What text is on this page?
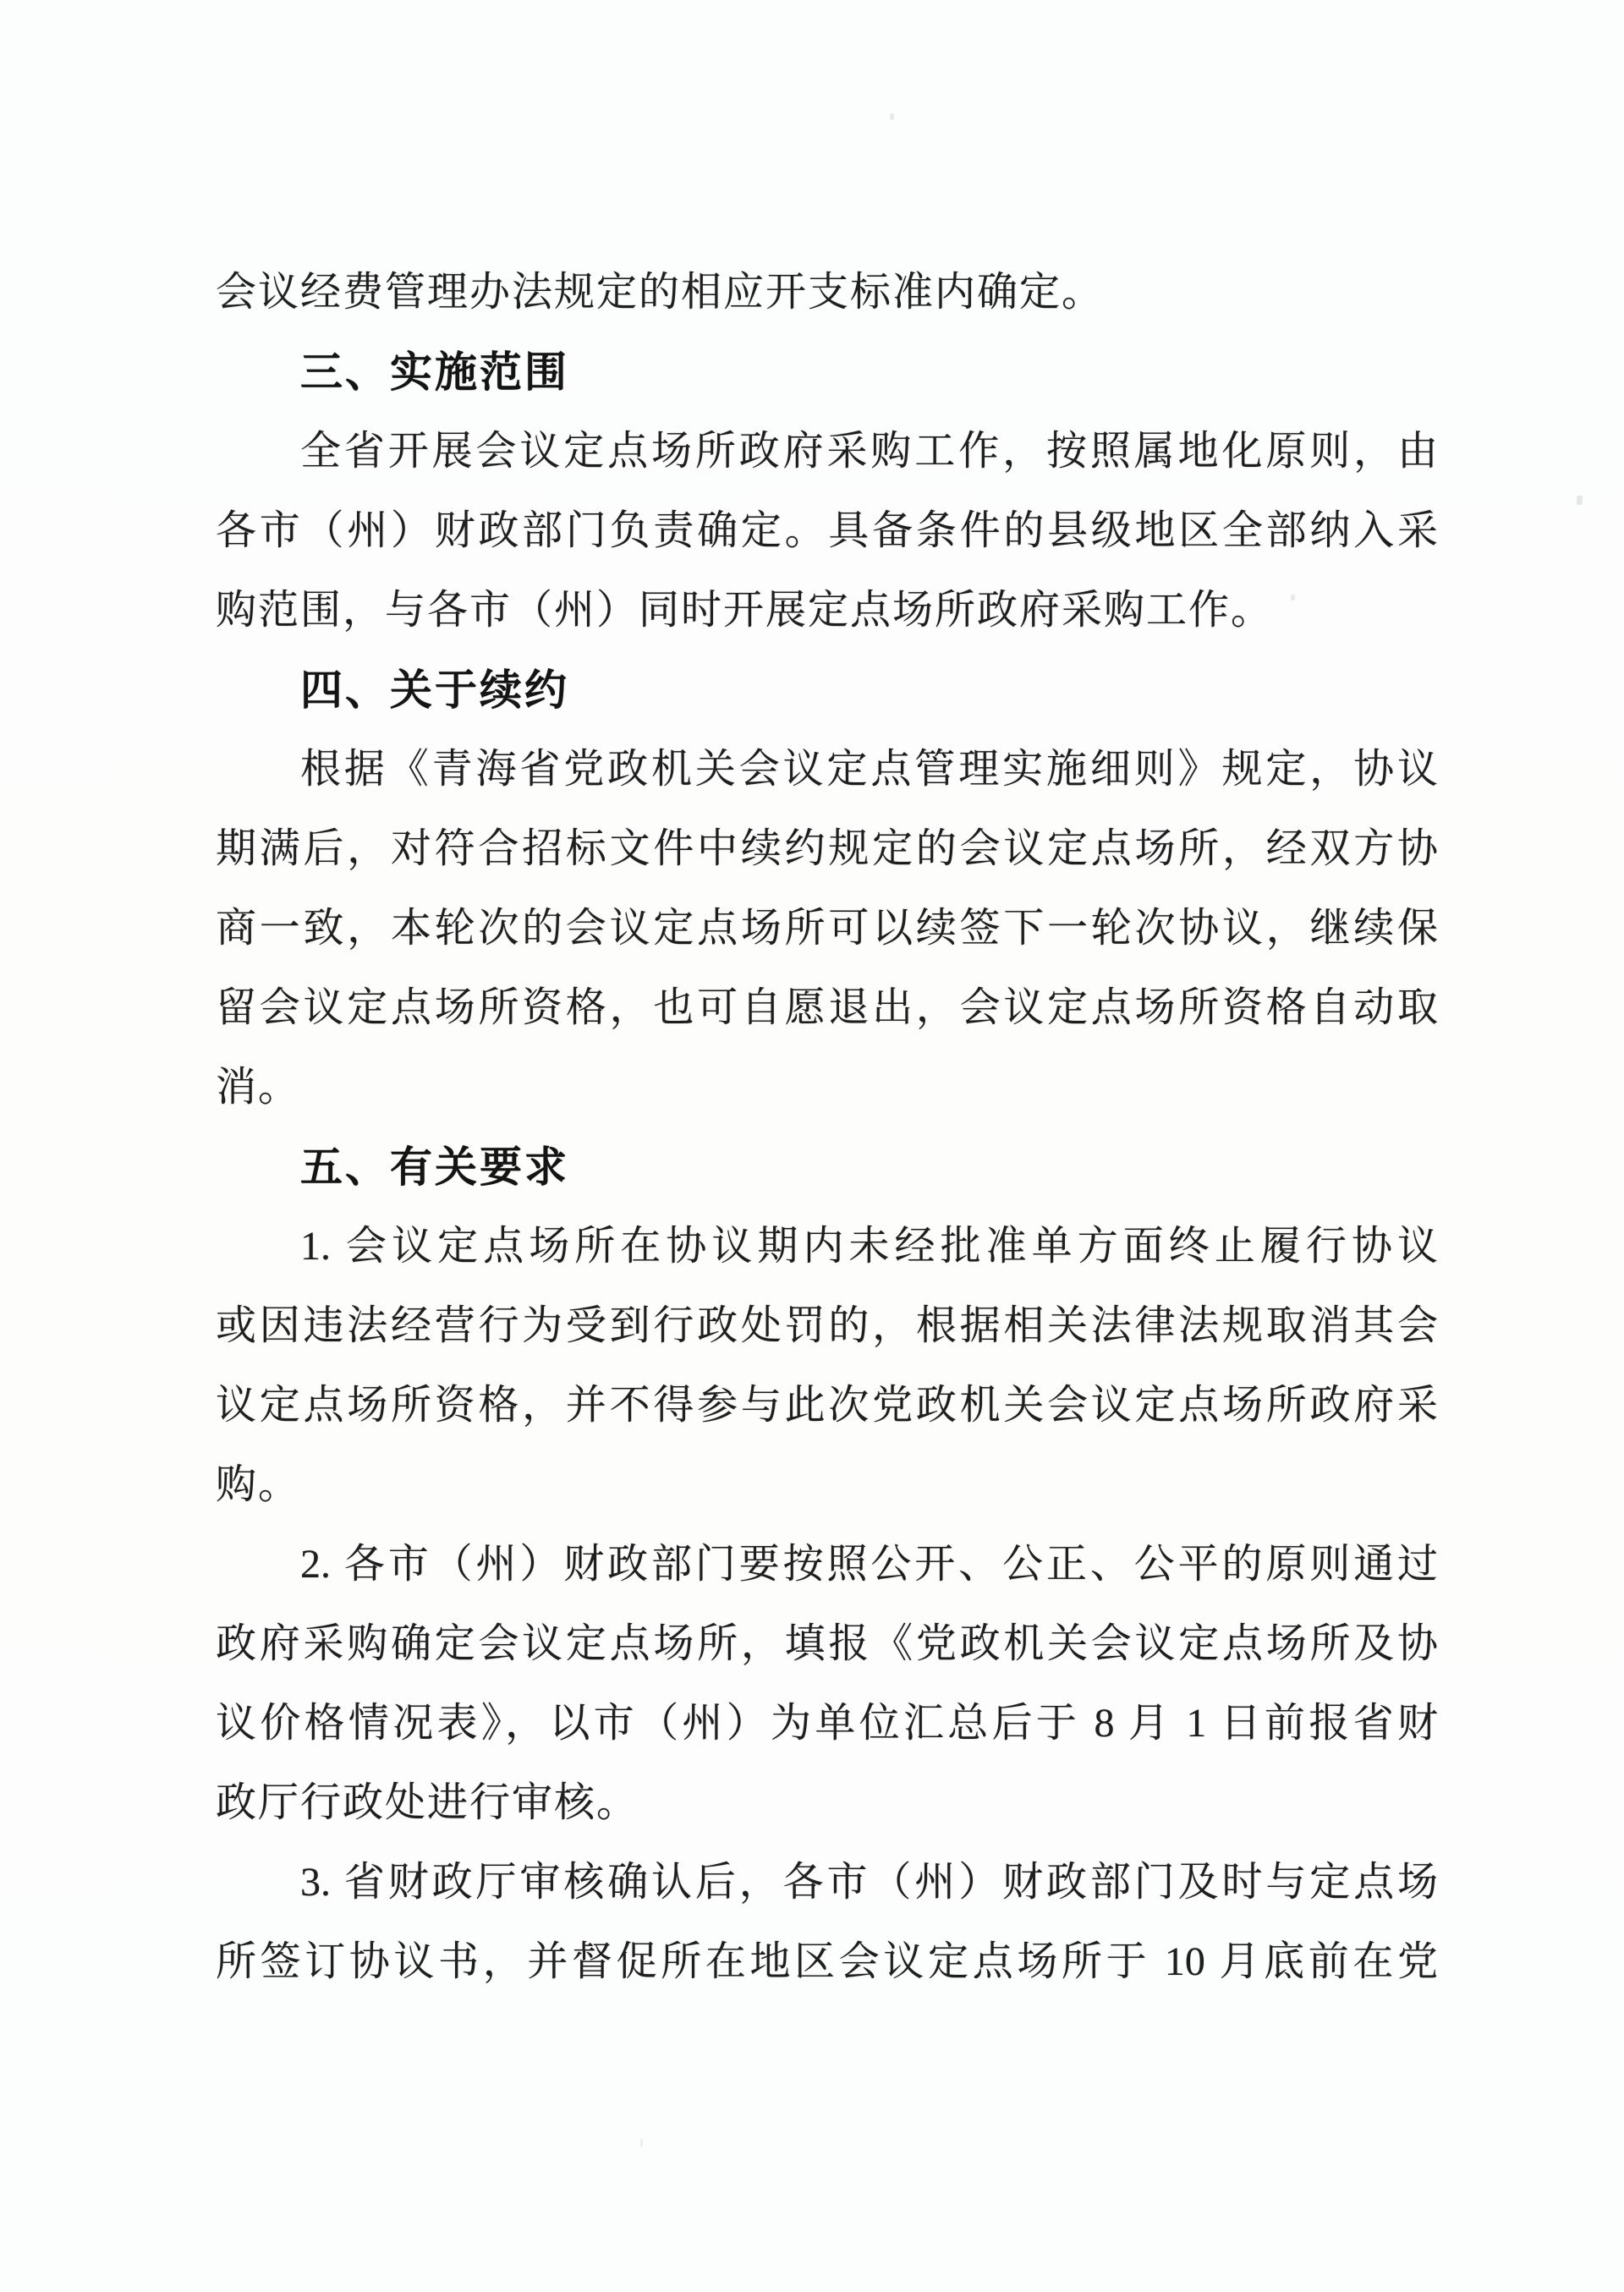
会议经费管理办法规定的相应开支标准内确定。
三、实施范围
全省开展会议定点场所政府采购工作，按照属地化原则，由
各市（州）财政部门负责确定。具备条件的县级地区全部纳入采
购范围，与各市（州）同时开展定点场所政府采购工作。
四、关于续约
根据《青海省党政机关会议定点管理实施细则》规定，协议
期满后，对符合招标文件中续约规定的会议定点场所，经双方协
商一致，本轮次的会议定点场所可以续签下一轮次协议，继续保
留会议定点场所资格，也可自愿退出，会议定点场所资格自动取
消。
五、有关要求
1. 会议定点场所在协议期内未经批准单方面终止履行协议
或因违法经营行为受到行政处罚的，根据相关法律法规取消其会
议定点场所资格，并不得参与此次党政机关会议定点场所政府采
购。
2. 各市（州）财政部门要按照公开、公正、公平的原则通过
政府采购确定会议定点场所，填报《党政机关会议定点场所及协
议价格情况表》，以市（州）为单位汇总后于 8 月 1 日前报省财
政厅行政处进行审核。
3. 省财政厅审核确认后，各市（州）财政部门及时与定点场
所签订协议书，并督促所在地区会议定点场所于 10 月底前在党
